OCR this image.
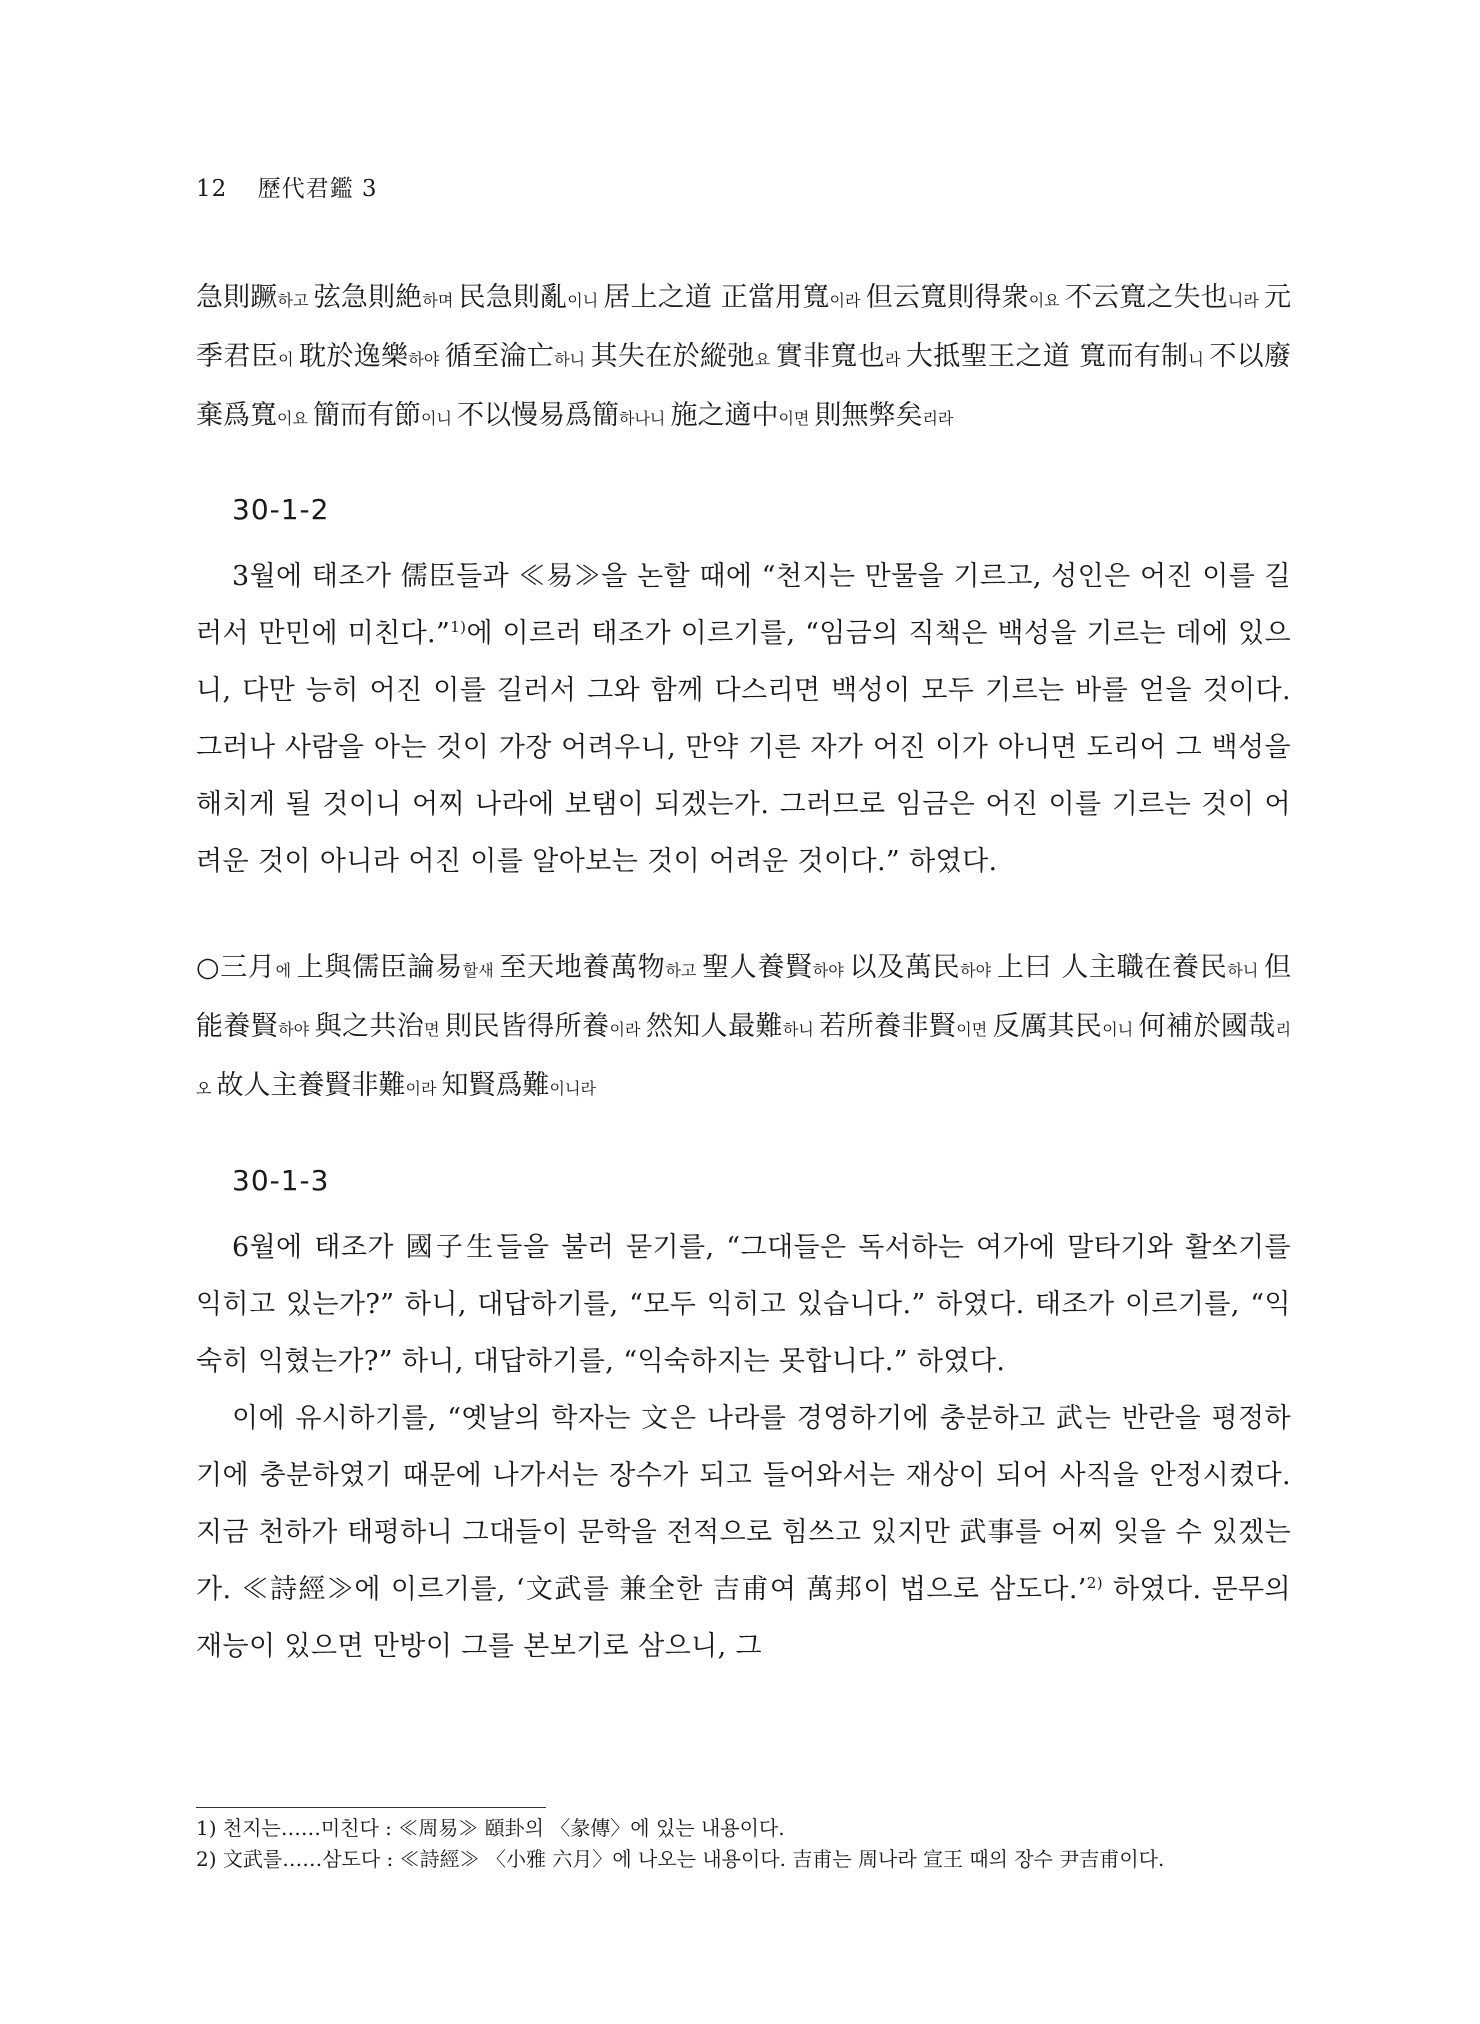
12 歷代君鑑 3

急則蹶하고 弦急則絶하며 民急則亂이니 居上之道 正當用寬이라 但云寬則得衆이요 不云寬之失也니라 元季君臣이 耽於逸樂하야 循至淪亡하니 其失在於縱弛요 實非寬也라 大抵聖王之道 寬而有制니 不以廢棄爲寬이요 簡而有節이니 不以慢易爲簡하나니 施之適中이면 則無弊矣리라

30-1-2

3월에 태조가 儒臣들과 ≪易≫을 논할 때에 “천지는 만물을 기르고, 성인은 어진 이를 길러서 만민에 미친다.”$^{1)}$에 이르러 태조가 이르기를, “임금의 직책은 백성을 기르는 데에 있으니, 다만 능히 어진 이를 길러서 그와 함께 다스리면 백성이 모두 기르는 바를 얻을 것이다. 그러나 사람을 아는 것이 가장 어려우니, 만약 기른 자가 어진 이가 아니면 도리어 그 백성을 해치게 될 것이니 어찌 나라에 보탬이 되겠는가. 그러므로 임금은 어진 이를 기르는 것이 어려운 것이 아니라 어진 이를 알아보는 것이 어려운 것이다.” 하였다.

○三月에 上與儒臣論易할새 至天地養萬物하고 聖人養賢하야 以及萬民하야 上曰 人主職在養民하니 但能養賢하야 與之共治면 則民皆得所養이라 然知人最難하니 若所養非賢이면 反厲其民이니 何補於國哉리오 故人主養賢非難이라 知賢爲難이니라

30-1-3

6월에 태조가 國子生들을 불러 묻기를, “그대들은 독서하는 여가에 말타기와 활쏘기를 익히고 있는가?” 하니, 대답하기를, “모두 익히고 있습니다.” 하였다. 태조가 이르기를, “익숙히 익혔는가?” 하니, 대답하기를, “익숙하지는 못합니다.” 하였다.

이에 유시하기를, “옛날의 학자는 文은 나라를 경영하기에 충분하고 武는 반란을 평정하기에 충분하였기 때문에 나가서는 장수가 되고 들어와서는 재상이 되어 사직을 안정시켰다. 지금 천하가 태평하니 그대들이 문학을 전적으로 힘쓰고 있지만 武事를 어찌 잊을 수 있겠는가. ≪詩經≫에 이르기를, ‘文武를 兼全한 吉甫여 萬邦이 법으로 삼도다.’$^{2)}$ 하였다. 문무의 재능이 있으면 만방이 그를 본보기로 삼으니, 그

1) 천지는……미친다 : ≪周易≫ 頤卦의 〈彖傳〉에 있는 내용이다.
2) 文武를……삼도다 : ≪詩經≫ 〈小雅 六月〉에 나오는 내용이다. 吉甫는 周나라 宣王 때의 장수 尹吉甫이다.
